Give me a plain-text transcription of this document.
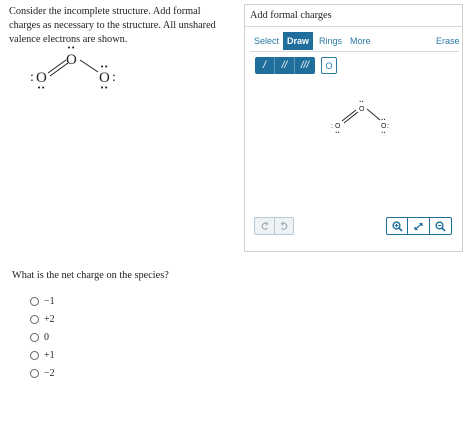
Consider the incomplete structure. Add formal charges as necessary to the structure. All unshared valence electrons are shown.

O
O
O
••
:
••
••
:
••

What is the net charge on the species?

−1
+2
0
+1
−2
Add formal charges
Select Draw	Rings More	Erase
/	//	///	O
O
O
O
••
:
••
••
:
••
